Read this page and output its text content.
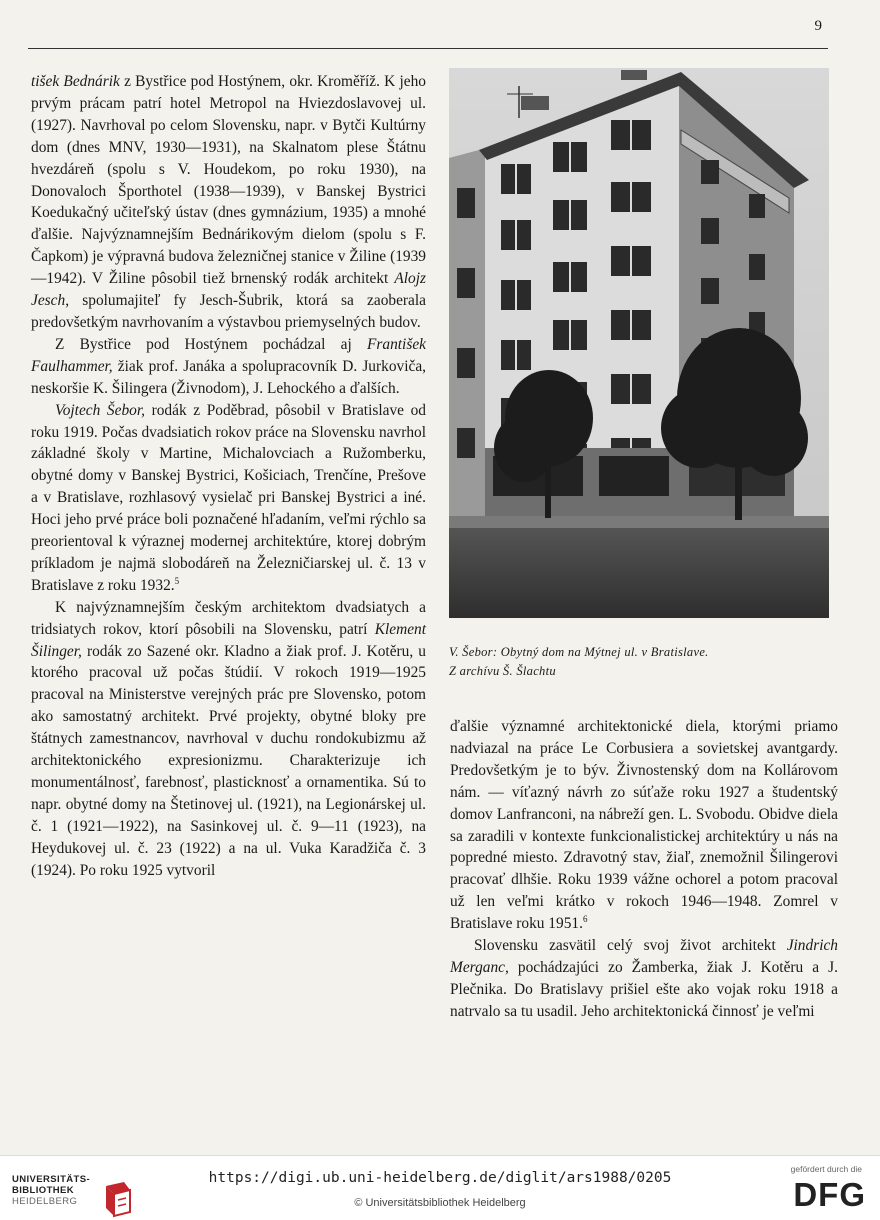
9

tišek Bednárik z Bystřice pod Hostýnem, okr. Kroměříž. K jeho prvým prácam patrí hotel Metropol na Hviezdoslavovej ul. (1927). Navrhoval po celom Slovensku, napr. v Bytči Kultúrny dom (dnes MNV, 1930—1931), na Skalnatom plese Štátnu hvezdáreň (spolu s V. Houdekom, po roku 1930), na Donovaloch Športhotel (1938—1939), v Banskej Bystrici Koedukačný učiteľský ústav (dnes gymnázium, 1935) a mnohé ďalšie. Najvýznamnejším Bednárikovým dielom (spolu s F. Čapkom) je výpravná budova železničnej stanice v Žiline (1939—1942). V Žiline pôsobil tiež brnenský rodák architekt Alojz Jesch, spolumajiteľ fy Jesch-Šubrik, ktorá sa zaoberala predovšetkým navrhovaním a výstavbou priemyselných budov.

Z Bystřice pod Hostýnem pochádzal aj František Faulhammer, žiak prof. Janáka a spolupracovník D. Jurkoviča, neskoršie K. Šilingera (Živnodom), J. Lehockého a ďalších.

Vojtech Šebor, rodák z Poděbrad, pôsobil v Bratislave od roku 1919. Počas dvadsiatich rokov práce na Slovensku navrhol základné školy v Martine, Michalovciach a Ružomberku, obytné domy v Banskej Bystrici, Košiciach, Trenčíne, Prešove a v Bratislave, rozhlasový vysielač pri Banskej Bystrici a iné. Hoci jeho prvé práce boli poznačené hľadaním, veľmi rýchlo sa preorientoval k výraznej modernej architektúre, ktorej dobrým príkladom je najmä slobodáreň na Železničiarskej ul. č. 13 v Bratislave z roku 1932.$^5$

K najvýznamnejším českým architektom dvadsiatych a tridsiatych rokov, ktorí pôsobili na Slovensku, patrí Klement Šilinger, rodák zo Sazené okr. Kladno a žiak prof. J. Kotěru, u ktorého pracoval už počas štúdií. V rokoch 1919—1925 pracoval na Ministerstve verejných prác pre Slovensko, potom ako samostatný architekt. Prvé projekty, obytné bloky pre štátnych zamestnancov, navrhoval v duchu rondokubizmu až architektonického expresionizmu. Charakterizuje ich monumentálnosť, farebnosť, plasticknosť a ornamentika. Sú to napr. obytné domy na Štetinovej ul. (1921), na Legionárskej ul. č. 1 (1921—1922), na Sasinkovej ul. č. 9—11 (1923), na Heydukovej ul. č. 23 (1922) a na ul. Vuka Karadžiča č. 3 (1924). Po roku 1925 vytvoril

V. Šebor: Obytný dom na Mýtnej ul. v Bratislave.
Z archívu Š. Šlachtu

ďalšie významné architektonické diela, ktorými priamo nadviazal na práce Le Corbusiera a sovietskej avantgardy. Predovšetkým je to býv. Živnostenský dom na Kollárovom nám. — víťazný návrh zo súťaže roku 1927 a študentský domov Lanfranconi, na nábreží gen. L. Svobodu. Obidve diela sa zaradili v kontexte funkcionalistickej architektúry u nás na popredné miesto. Zdravotný stav, žiaľ, znemožnil Šilingerovi pracovať dlhšie. Roku 1939 vážne ochorel a potom pracoval už len veľmi krátko v rokoch 1946—1948. Zomrel v Bratislave roku 1951.$^6$

Slovensku zasvätil celý svoj život architekt Jindrich Merganc, pochádzajúci zo Žamberka, žiak J. Kotěru a J. Plečnika. Do Bratislavy prišiel ešte ako vojak roku 1918 a natrvalo sa tu usadil. Jeho architektonická činnosť je veľmi

UNIVERSITÄTS-
BIBLIOTHEK
HEIDELBERG
https://digi.ub.uni-heidelberg.de/diglit/ars1988/0205
© Universitätsbibliothek Heidelberg
gefördert durch die
DFG
